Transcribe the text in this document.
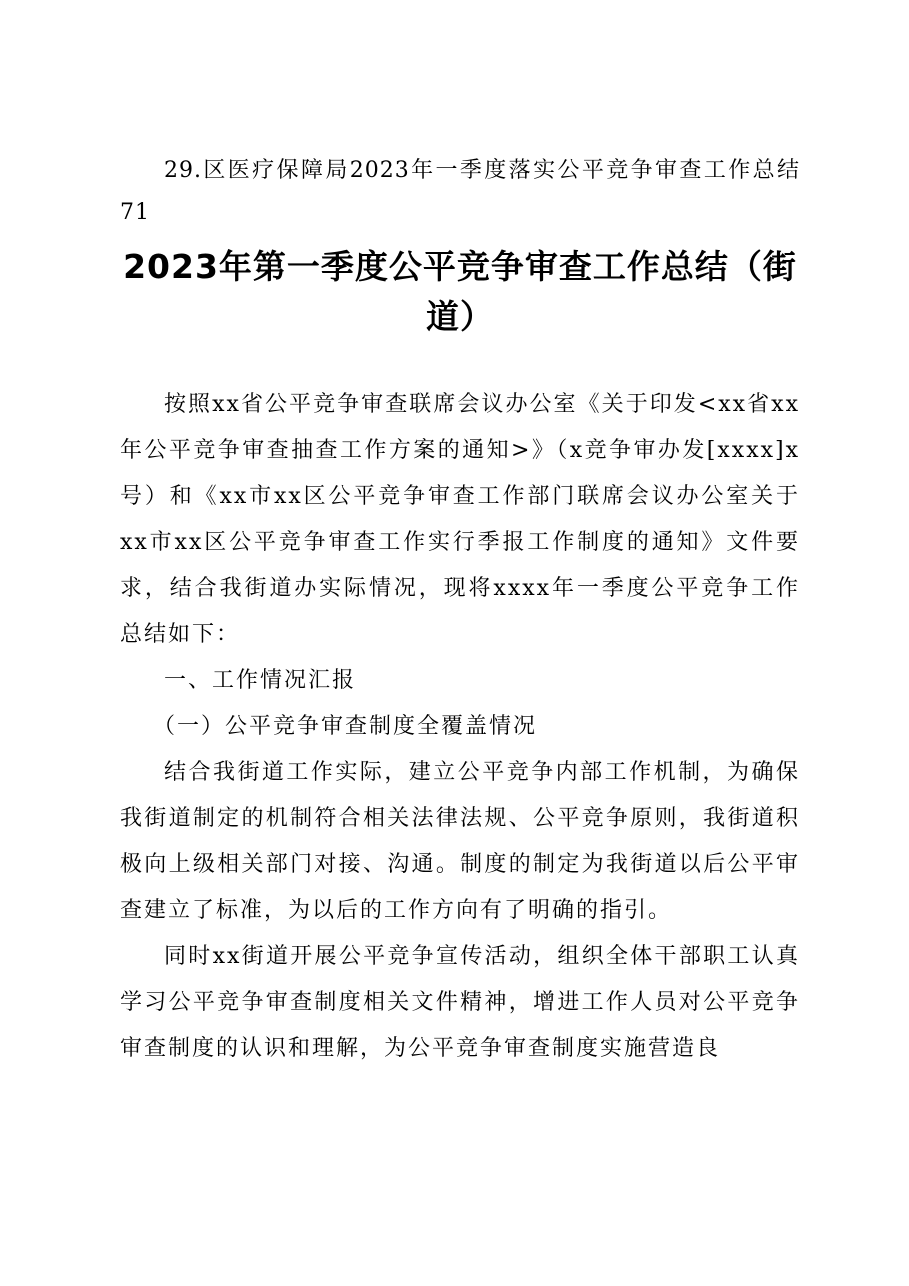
29.区医疗保障局2023年一季度落实公平竞争审查工作总结 71

2023年第一季度公平竞争审查工作总结（街道）

按照xx省公平竞争审查联席会议办公室《关于印发<xx省xx年公平竞争审查抽查工作方案的通知>》（x竞争审办发[xxxx]x号）和《xx市xx区公平竞争审查工作部门联席会议办公室关于xx市xx区公平竞争审查工作实行季报工作制度的通知》文件要求，结合我街道办实际情况，现将xxxx年一季度公平竞争工作总结如下：

一、工作情况汇报

（一）公平竞争审查制度全覆盖情况

结合我街道工作实际，建立公平竞争内部工作机制，为确保我街道制定的机制符合相关法律法规、公平竞争原则，我街道积极向上级相关部门对接、沟通。制度的制定为我街道以后公平审查建立了标准，为以后的工作方向有了明确的指引。

同时xx街道开展公平竞争宣传活动，组织全体干部职工认真学习公平竞争审查制度相关文件精神，增进工作人员对公平竞争审查制度的认识和理解，为公平竞争审查制度实施营造良
